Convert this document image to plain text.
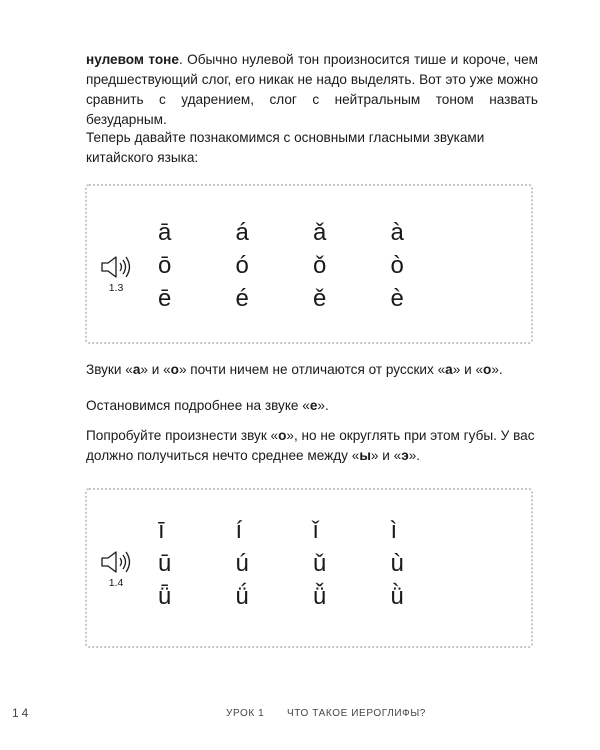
нулевом тоне. Обычно нулевой тон произносится тише и короче, чем предшествующий слог, его никак не надо выделять. Вот это уже можно сравнить с ударением, слог с нейтральным тоном назвать безударным.

Теперь давайте познакомимся с основными гласными звуками китайского языка:

1.3
ā	á	ǎ	à
ō	ó	ǒ	ò
ē	é	ě	è

Звуки «а» и «о» почти ничем не отличаются от русских «а» и «о».

Остановимся подробнее на звуке «е».

Попробуйте произнести звук «о», но не округлять при этом губы. У вас должно получиться нечто среднее между «ы» и «э».

1.4
ī	í	ǐ	ì
ū	ú	ǔ	ù
ǖ	ǘ	ǚ	ǜ
14	УРОК 1 ЧТО ТАКОЕ ИЕРОГЛИФЫ?
